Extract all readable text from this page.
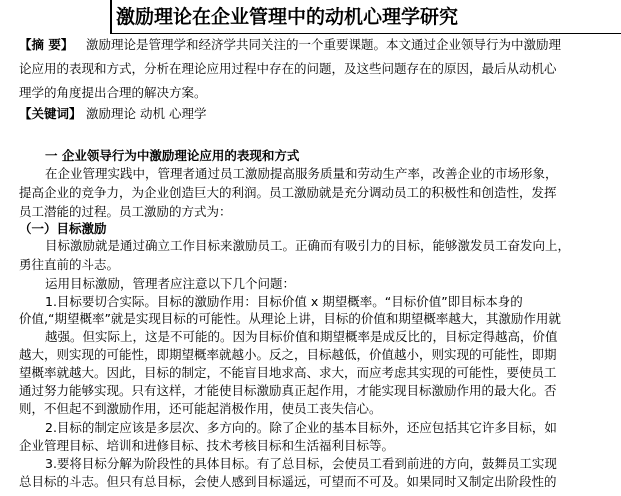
激励理论在企业管理中的动机心理学研究
【摘 要】 激励理论是管理学和经济学共同关注的一个重要课题。本文通过企业领导行为中激励理
论应用的表现和方式，分析在理论应用过程中存在的问题，及这些问题存在的原因，最后从动机心
理学的角度提出合理的解决方案。
【关键词】 激励理论 动机 心理学
一 企业领导行为中激励理论应用的表现和方式
在企业管理实践中，管理者通过员工激励提高服务质量和劳动生产率，改善企业的市场形象，
提高企业的竞争力，为企业创造巨大的利润。员工激励就是充分调动员工的积极性和创造性，发挥
员工潜能的过程。员工激励的方式为：
（一）目标激励
目标激励就是通过确立工作目标来激励员工。正确而有吸引力的目标，能够激发员工奋发向上，
勇往直前的斗志。
运用目标激励，管理者应注意以下几个问题：
1.目标要切合实际。目标的激励作用：目标价值 x 期望概率。“目标价值”即目标本身的
价值,“期望概率”就是实现目标的可能性。从理论上讲，目标的价值和期望概率越大，其激励作用就
越强。但实际上，这是不可能的。因为目标价值和期望概率是成反比的，目标定得越高，价值
越大，则实现的可能性，即期望概率就越小。反之，目标越低，价值越小，则实现的可能性，即期
望概率就越大。因此，目标的制定，不能盲目地求高、求大，而应考虑其实现的可能性，要使员工
通过努力能够实现。只有这样，才能使目标激励真正起作用，才能实现目标激励作用的最大化。否
则，不但起不到激励作用，还可能起消极作用，使员工丧失信心。
2.目标的制定应该是多层次、多方向的。除了企业的基本目标外，还应包括其它许多目标，如
企业管理目标、培训和进修目标、技术考核目标和生活福利目标等。
3.要将目标分解为阶段性的具体目标。有了总目标，会使员工看到前进的方向，鼓舞员工实现
总目标的斗志。但只有总目标，会使人感到目标遥远，可望而不可及。如果同时又制定出阶段性的
